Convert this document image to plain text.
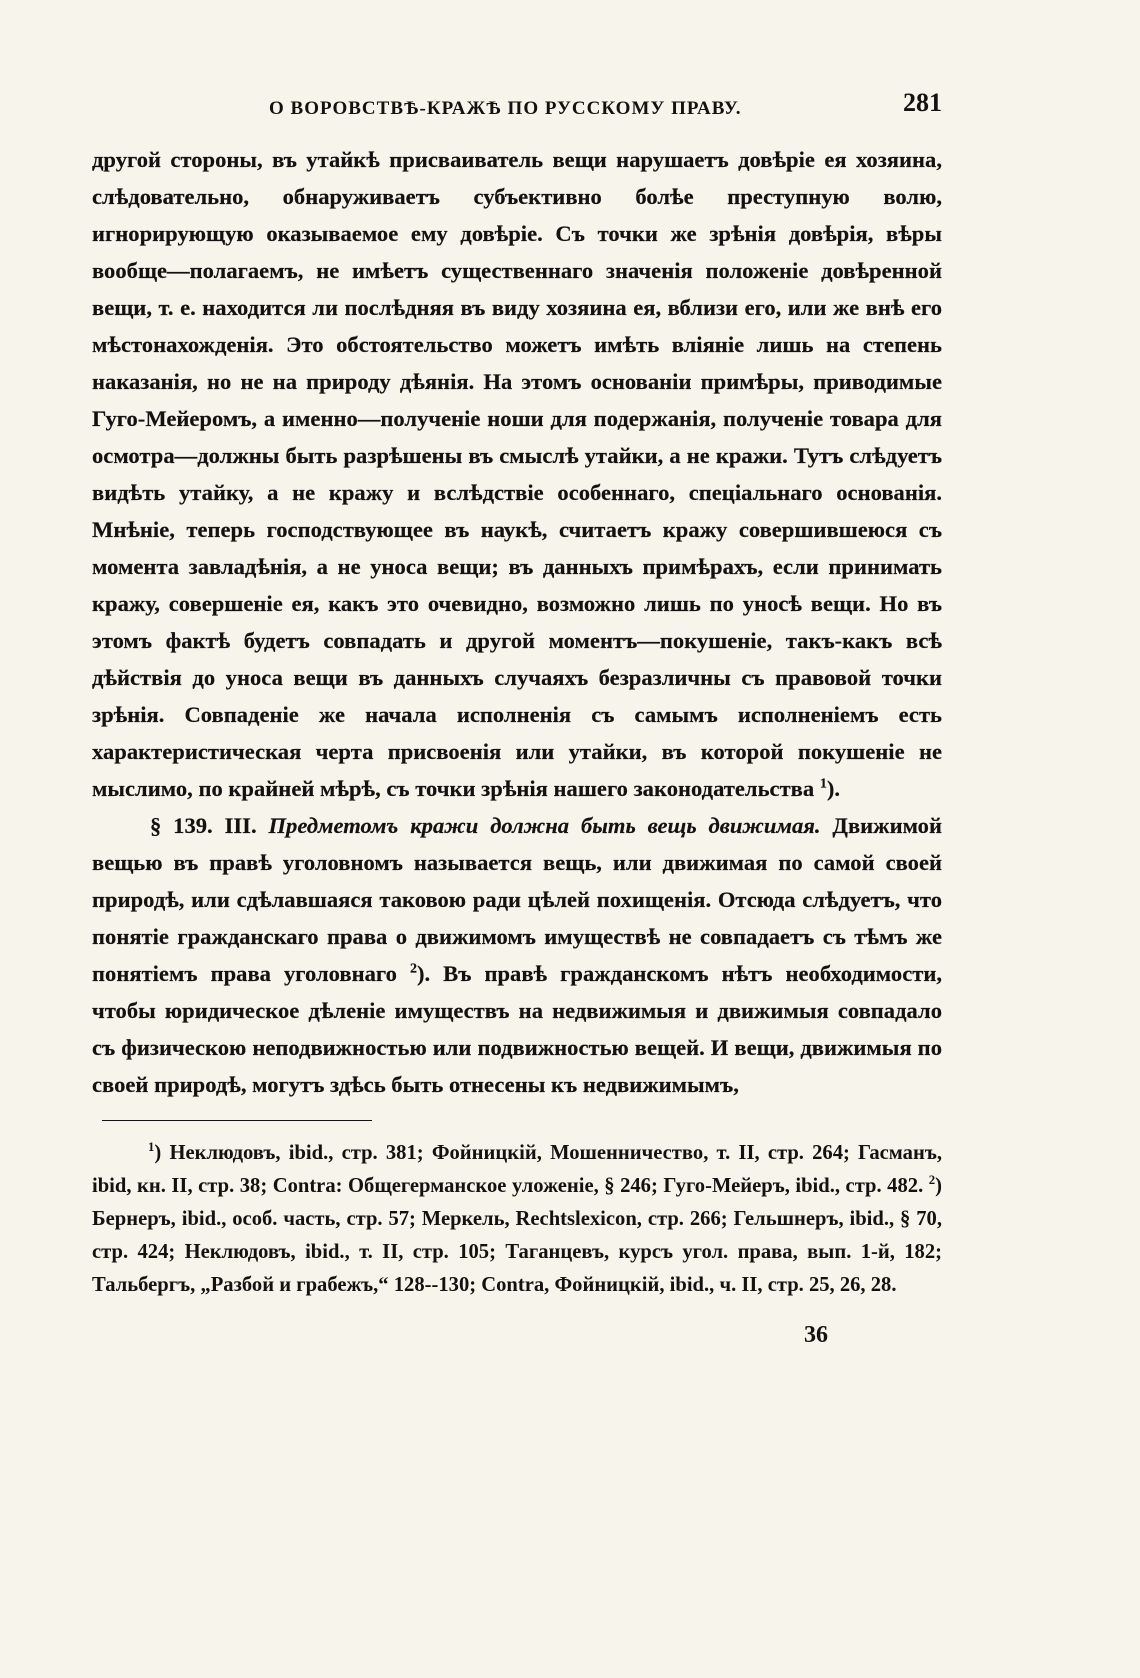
О ВОРОВСТВѢ-КРАЖѢ ПО РУССКОМУ ПРАВУ.	281

другой стороны, въ утайкѣ присваиватель вещи нарушаетъ довѣріе ея хозяина, слѣдовательно, обнаруживаетъ субъективно болѣе преступную волю, игнорирующую оказываемое ему довѣріе. Съ точки же зрѣнія довѣрія, вѣры вообще—полагаемъ, не имѣетъ существеннаго значенія положеніе довѣренной вещи, т. е. находится ли послѣдняя въ виду хозяина ея, вблизи его, или же внѣ его мѣстонахожденія. Это обстоятельство можетъ имѣть вліяніе лишь на степень наказанія, но не на природу дѣянія. На этомъ основаніи примѣры, приводимые Гуго-Мейеромъ, а именно—полученіе ноши для подержанія, полученіе товара для осмотра—должны быть разрѣшены въ смыслѣ утайки, а не кражи. Тутъ слѣдуетъ видѣть утайку, а не кражу и вслѣдствіе особеннаго, спеціальнаго основанія. Мнѣніе, теперь господствующее въ наукѣ, считаетъ кражу совершившеюся съ момента завладѣнія, а не уноса вещи; въ данныхъ примѣрахъ, если принимать кражу, совершеніе ея, какъ это очевидно, возможно лишь по уносѣ вещи. Но въ этомъ фактѣ будетъ совпадать и другой моментъ—покушеніе, такъ-какъ всѣ дѣйствія до уноса вещи въ данныхъ случаяхъ безразличны съ правовой точки зрѣнія. Совпаденіе же начала исполненія съ самымъ исполненіемъ есть характеристическая черта присвоенія или утайки, въ которой покушеніе не мыслимо, по крайней мѣрѣ, съ точки зрѣнія нашего законодательства $^1$).

§ 139. III. Предметомъ кражи должна быть вещь движимая. Движимой вещью въ правѣ уголовномъ называется вещь, или движимая по самой своей природѣ, или сдѣлавшаяся таковою ради цѣлей похищенія. Отсюда слѣдуетъ, что понятіе гражданскаго права о движимомъ имуществѣ не совпадаетъ съ тѣмъ же понятіемъ права уголовнаго $^2$). Въ правѣ гражданскомъ нѣтъ необходимости, чтобы юридическое дѣленіе имуществъ на недвижимыя и движимыя совпадало съ физическою неподвижностью или подвижностью вещей. И вещи, движимыя по своей природѣ, могутъ здѣсь быть отнесены къ недвижимымъ,

$^1$) Неклюдовъ, ibid., стр. 381; Фойницкій, Мошенничество, т. II, стр. 264; Гасманъ, ibid, кн. II, стр. 38; Contra: Общегерманское уложеніе, § 246; Гуго-Мейеръ, ibid., стр. 482. $^2$) Бернеръ, ibid., особ. часть, стр. 57; Меркель, Rechtslexicon, стр. 266; Гельшнеръ, ibid., § 70, стр. 424; Неклюдовъ, ibid., т. II, стр. 105; Таганцевъ, курсъ угол. права, вып. 1-й, 182; Тальбергъ, „Разбой и грабежъ,“ 128--130; Contra, Фойницкій, ibid., ч. II, стр. 25, 26, 28.

36
